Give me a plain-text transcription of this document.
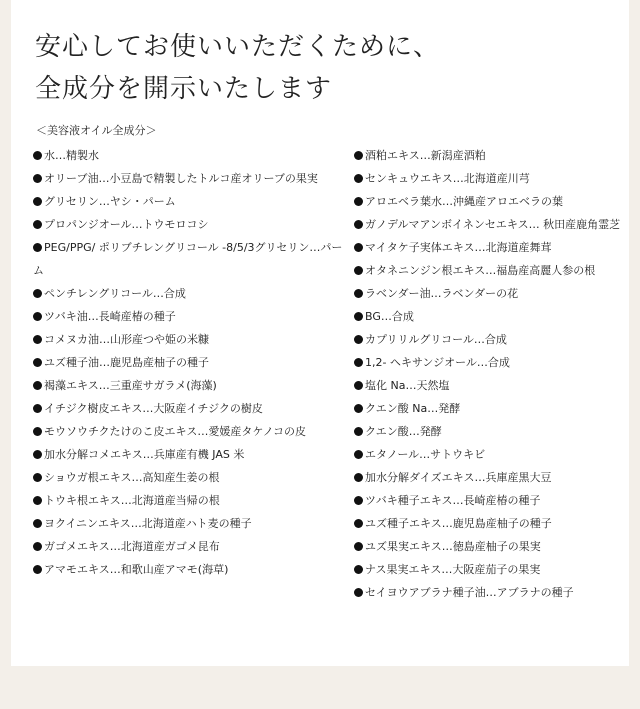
安心してお使いいただくために、
全成分を開示いたします
＜美容液オイル全成分＞
水…精製水
オリーブ油…小豆島で精製したトルコ産オリーブの果実
グリセリン…ヤシ・パーム
プロパンジオール…トウモロコシ
PEG/PPG/ ポリブチレングリコール -8/5/3グリセリン…パーム
ペンチレングリコール…合成
ツバキ油…長崎産椿の種子
コメヌカ油…山形産つや姫の米糠
ユズ種子油…鹿児島産柚子の種子
褐藻エキス…三重産サガラメ(海藻)
イチジク樹皮エキス…大阪産イチジクの樹皮
モウソウチクたけのこ皮エキス…愛媛産タケノコの皮
加水分解コメエキス…兵庫産有機 JAS 米
ショウガ根エキス…高知産生姜の根
トウキ根エキス…北海道産当帰の根
ヨクイニンエキス…北海道産ハト麦の種子
ガゴメエキス…北海道産ガゴメ昆布
アマモエキス…和歌山産アマモ(海草)
酒粕エキス…新潟産酒粕
センキュウエキス…北海道産川芎
アロエベラ葉水…沖縄産アロエベラの葉
ガノデルマアンボイネンセエキス… 秋田産鹿角霊芝
マイタケ子実体エキス…北海道産舞茸
オタネニンジン根エキス…福島産高麗人参の根
ラベンダー油…ラベンダーの花
BG…合成
カプリリルグリコール…合成
1,2- ヘキサンジオール…合成
塩化 Na…天然塩
クエン酸 Na…発酵
クエン酸…発酵
エタノール…サトウキビ
加水分解ダイズエキス…兵庫産黒大豆
ツバキ種子エキス…長崎産椿の種子
ユズ種子エキス…鹿児島産柚子の種子
ユズ果実エキス…徳島産柚子の果実
ナス果実エキス…大阪産茄子の果実
セイヨウアブラナ種子油…アブラナの種子
